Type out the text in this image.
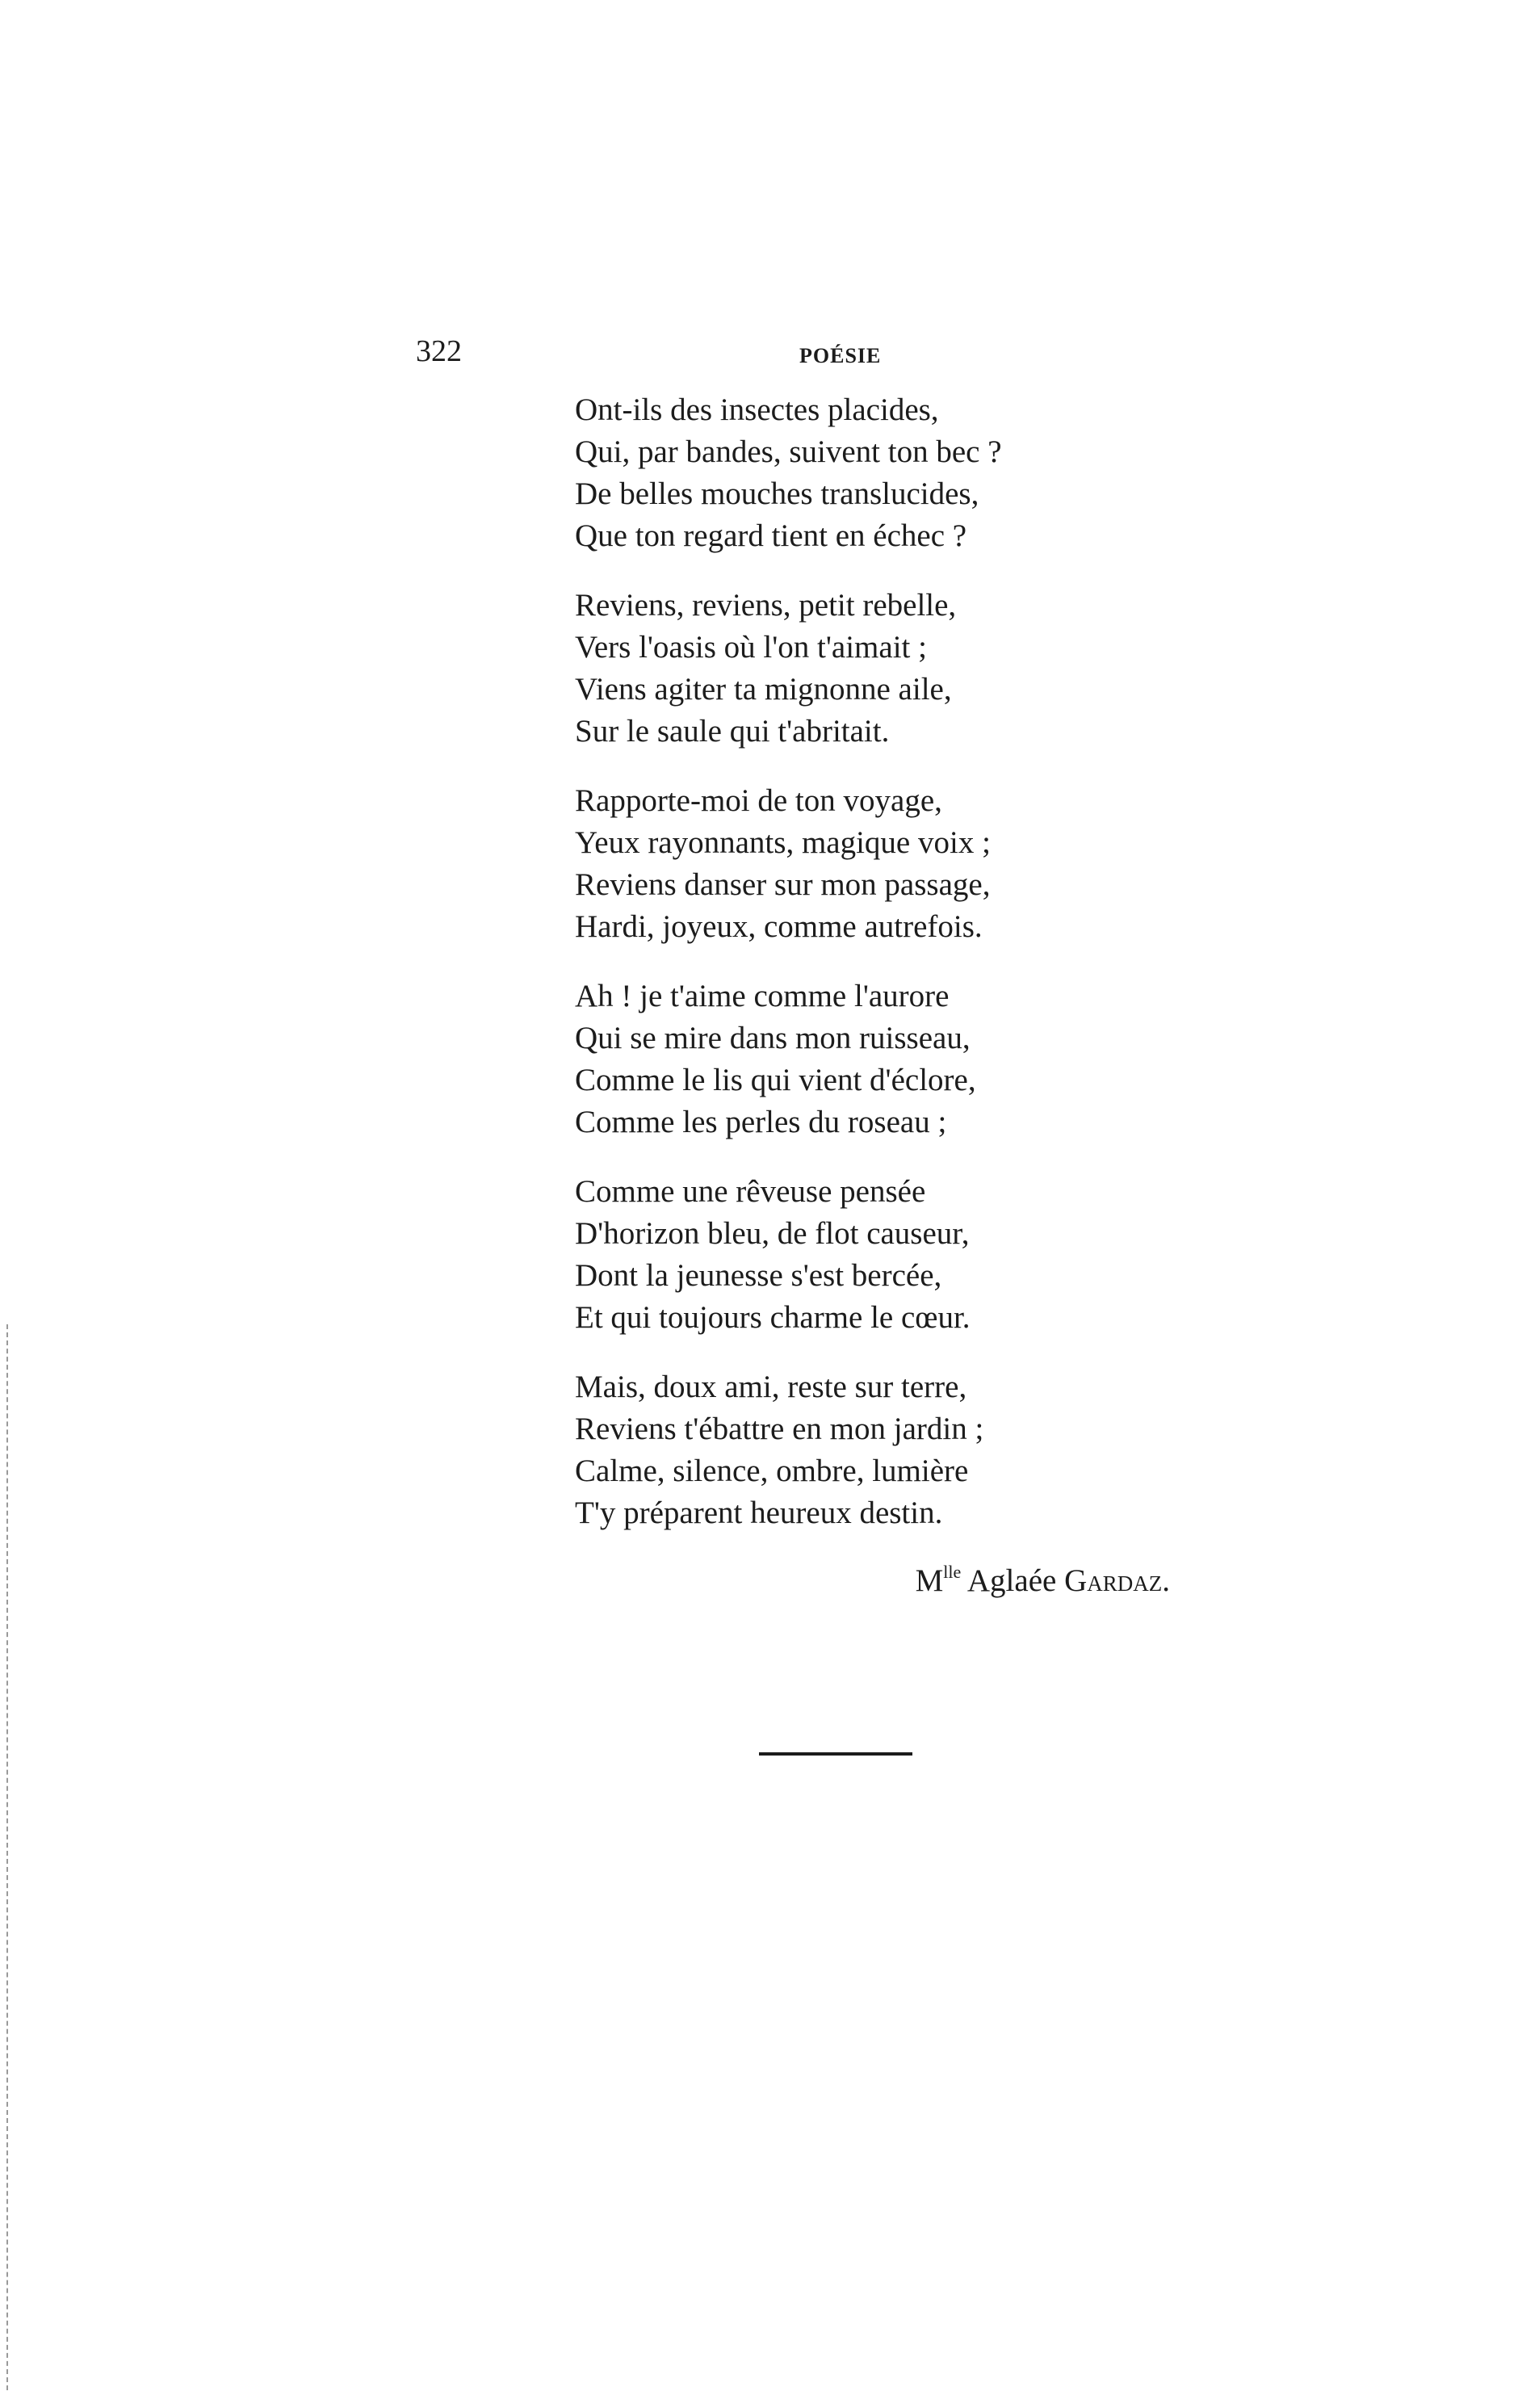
322	POÉSIE
Ont-ils des insectes placides,
Qui, par bandes, suivent ton bec ?
De belles mouches translucides,
Que ton regard tient en échec ?
Reviens, reviens, petit rebelle,
Vers l'oasis où l'on t'aimait ;
Viens agiter ta mignonne aile,
Sur le saule qui t'abritait.
Rapporte-moi de ton voyage,
Yeux rayonnants, magique voix ;
Reviens danser sur mon passage,
Hardi, joyeux, comme autrefois.
Ah ! je t'aime comme l'aurore
Qui se mire dans mon ruisseau,
Comme le lis qui vient d'éclore,
Comme les perles du roseau ;
Comme une rêveuse pensée
D'horizon bleu, de flot causeur,
Dont la jeunesse s'est bercée,
Et qui toujours charme le cœur.
Mais, doux ami, reste sur terre,
Reviens t'ébattre en mon jardin ;
Calme, silence, ombre, lumière
T'y préparent heureux destin.
$M^{lle}$ Aglaée Gardaz.
